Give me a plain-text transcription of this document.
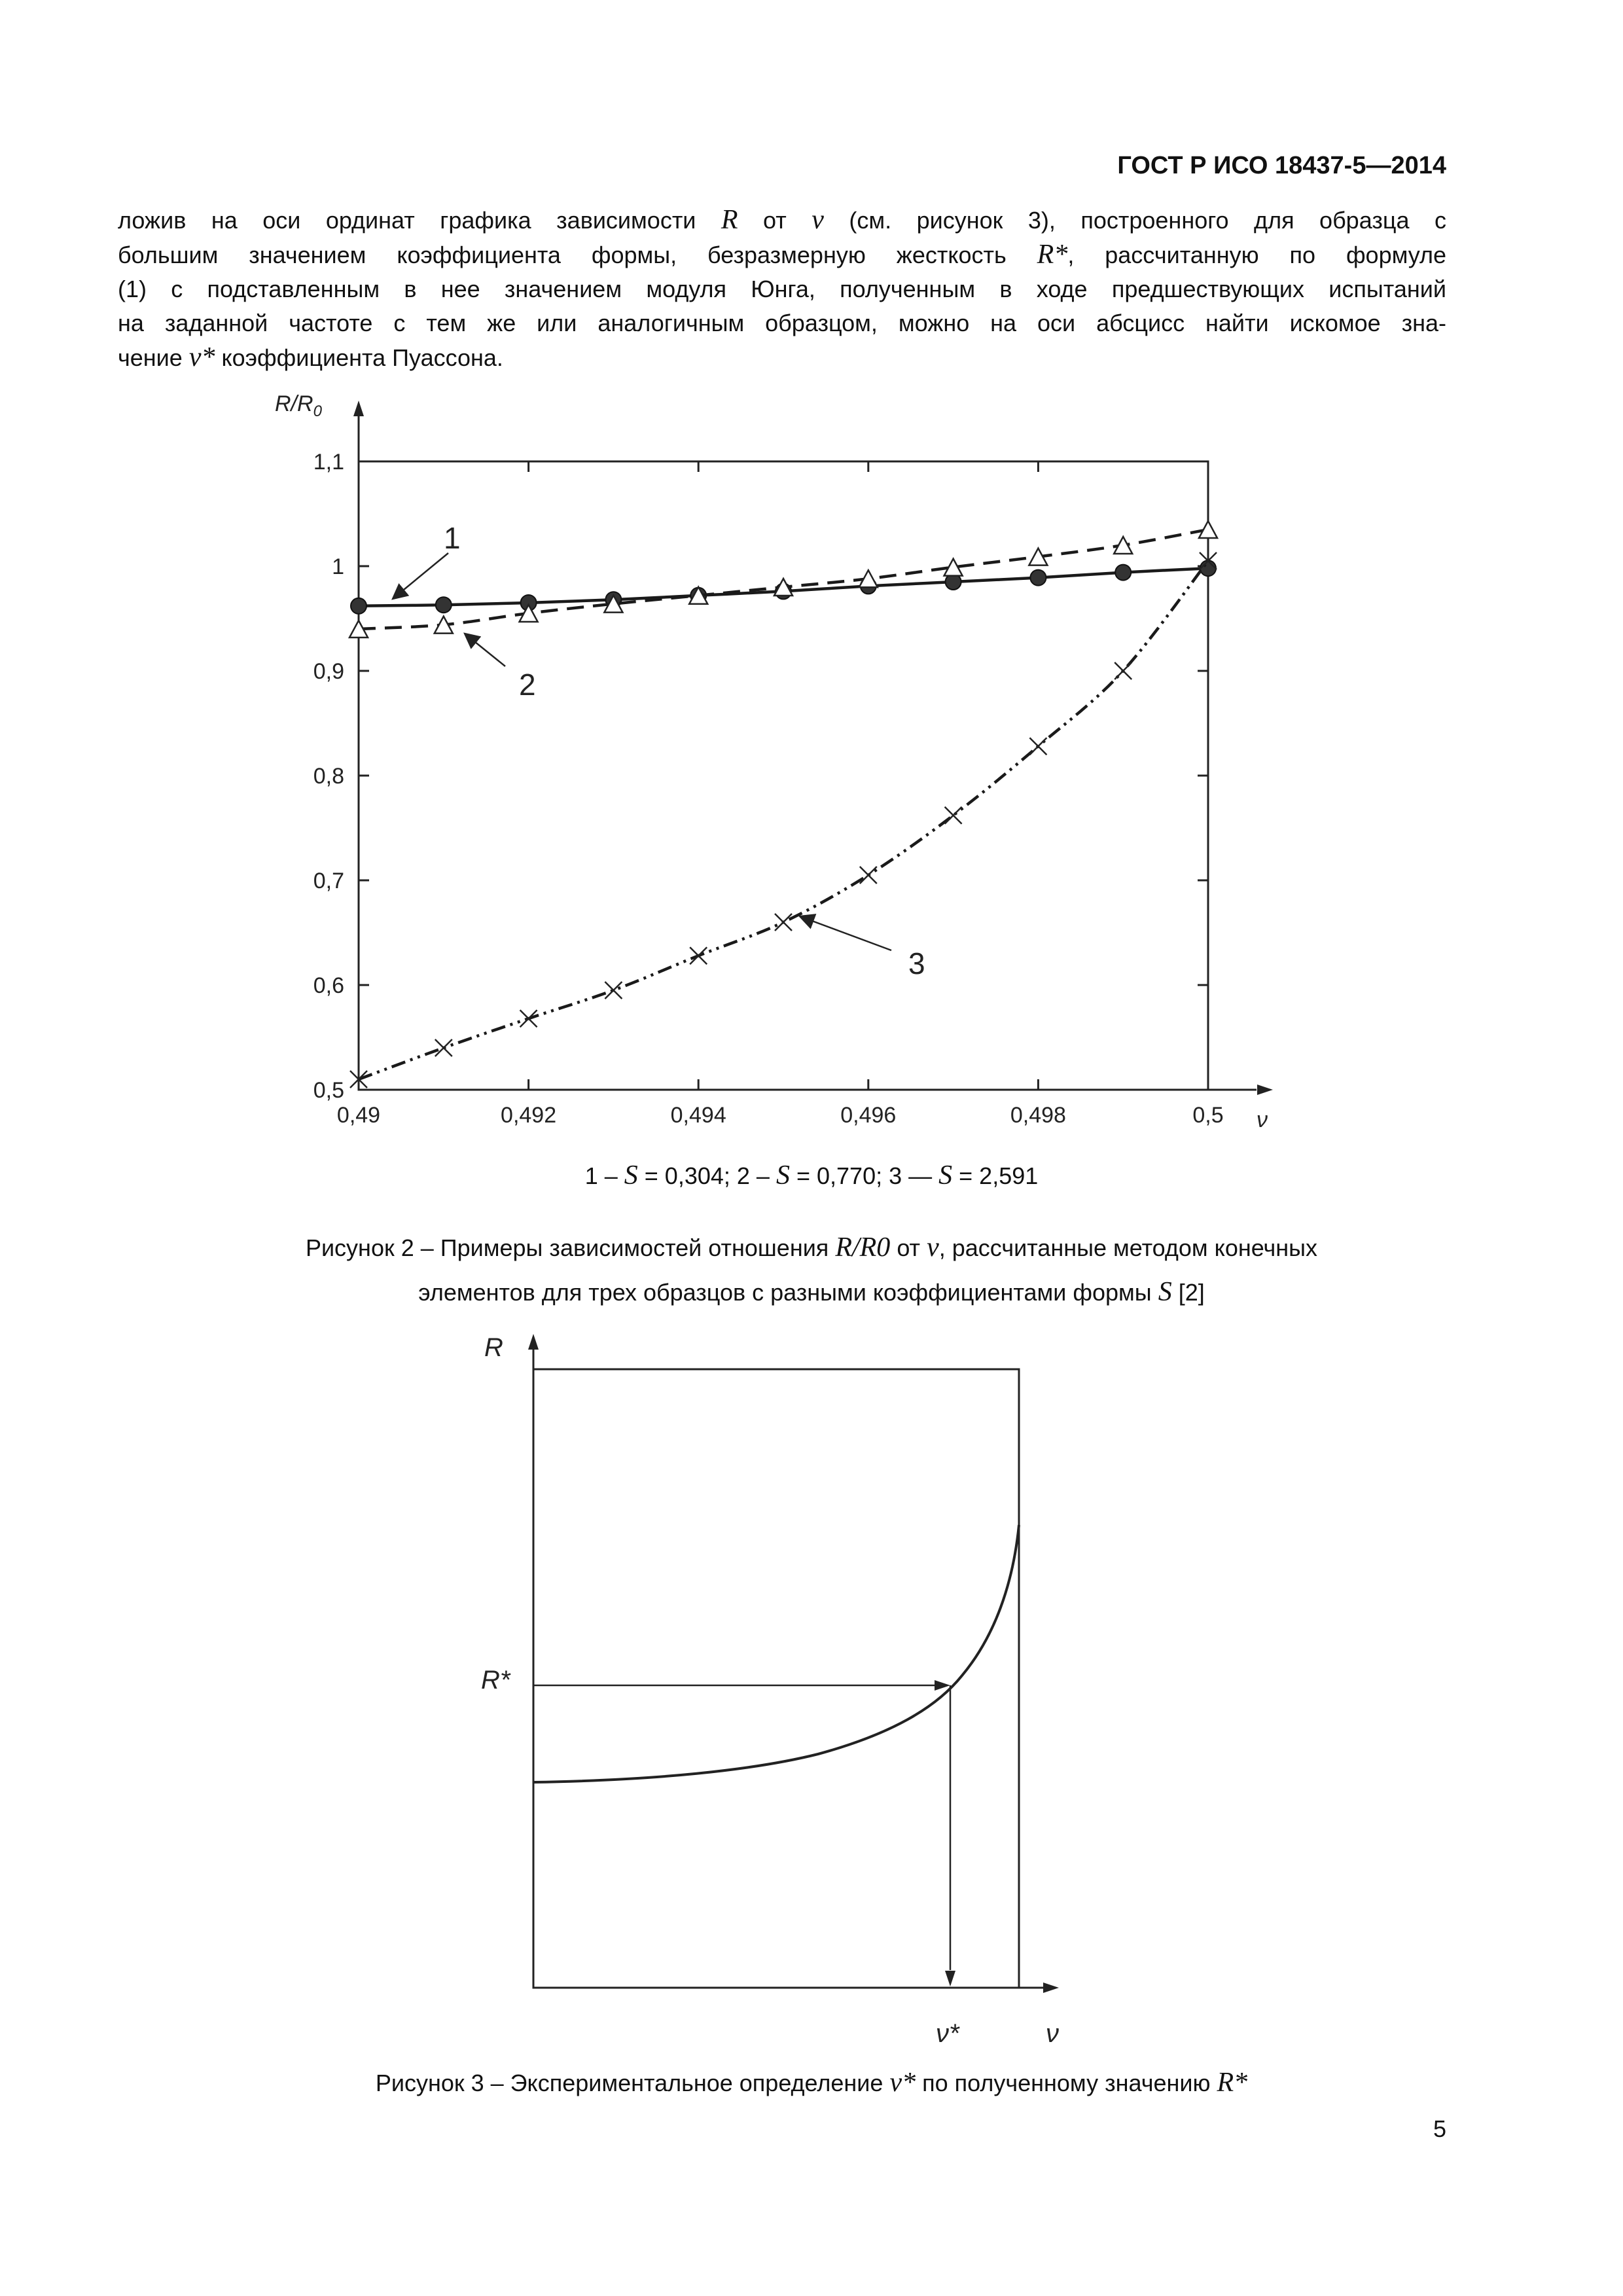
ГОСТ Р ИСО 18437-5—2014

ложив на оси ординат графика зависимости R от ν (см. рисунок 3), построенного для образца с

большим значением коэффициента формы, безразмерную жесткость R*, рассчитанную по формуле

(1) с подставленным в нее значением модуля Юнга, полученным в ходе предшествующих испытаний

на заданной частоте с тем же или аналогичным образцом, можно на оси абсцисс найти искомое зна-

чение ν* коэффициента Пуассона.

$R/R_0$
ν
0,49	0,492	0,494	0,496	0,498	0,5
0,5
0,6
0,7
0,8
0,9
1
1,1
1
2
3
1 – S = 0,304; 2 – S = 0,770; 3 — S = 2,591
Рисунок 2 – Примеры зависимостей отношения R/R0 от ν, рассчитанные методом конечных
элементов для трех образцов с разными коэффициентами формы S [2]
R
ν
R*
ν*
Рисунок 3 – Экспериментальное определение ν* по полученному значению R*
5
